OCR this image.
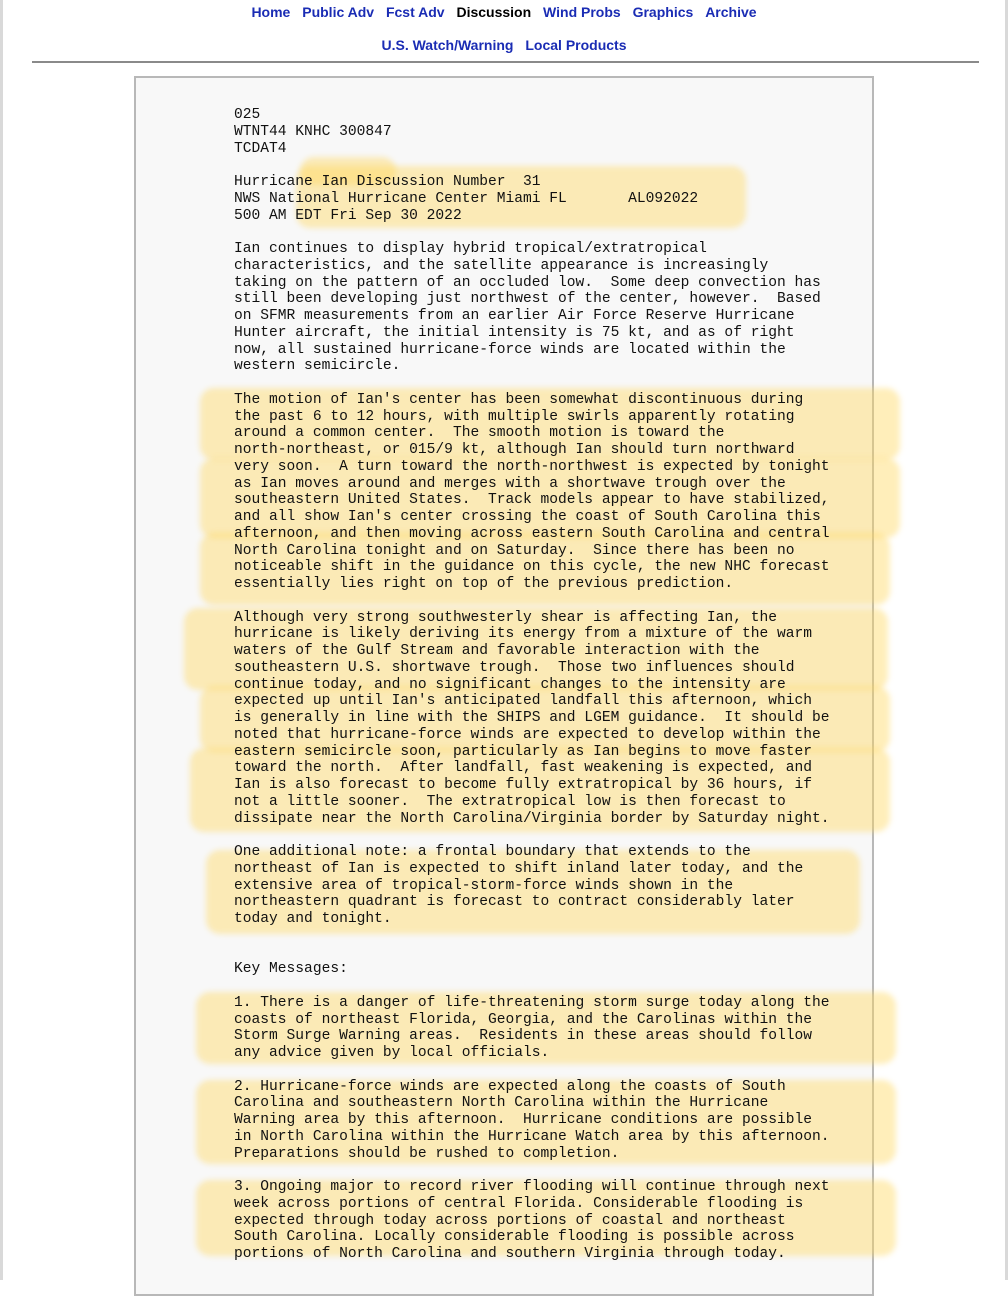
Home Public Adv Fcst Adv Discussion Wind Probs Graphics Archive
U.S. Watch/Warning Local Products
025
WTNT44 KNHC 300847
TCDAT4

Hurricane Ian Discussion Number  31
NWS National Hurricane Center Miami FL       AL092022
500 AM EDT Fri Sep 30 2022

Ian continues to display hybrid tropical/extratropical
characteristics, and the satellite appearance is increasingly
taking on the pattern of an occluded low.  Some deep convection has
still been developing just northwest of the center, however.  Based
on SFMR measurements from an earlier Air Force Reserve Hurricane
Hunter aircraft, the initial intensity is 75 kt, and as of right
now, all sustained hurricane-force winds are located within the
western semicircle.

The motion of Ian's center has been somewhat discontinuous during
the past 6 to 12 hours, with multiple swirls apparently rotating
around a common center.  The smooth motion is toward the
north-northeast, or 015/9 kt, although Ian should turn northward
very soon.  A turn toward the north-northwest is expected by tonight
as Ian moves around and merges with a shortwave trough over the
southeastern United States.  Track models appear to have stabilized,
and all show Ian's center crossing the coast of South Carolina this
afternoon, and then moving across eastern South Carolina and central
North Carolina tonight and on Saturday.  Since there has been no
noticeable shift in the guidance on this cycle, the new NHC forecast
essentially lies right on top of the previous prediction.

Although very strong southwesterly shear is affecting Ian, the
hurricane is likely deriving its energy from a mixture of the warm
waters of the Gulf Stream and favorable interaction with the
southeastern U.S. shortwave trough.  Those two influences should
continue today, and no significant changes to the intensity are
expected up until Ian's anticipated landfall this afternoon, which
is generally in line with the SHIPS and LGEM guidance.  It should be
noted that hurricane-force winds are expected to develop within the
eastern semicircle soon, particularly as Ian begins to move faster
toward the north.  After landfall, fast weakening is expected, and
Ian is also forecast to become fully extratropical by 36 hours, if
not a little sooner.  The extratropical low is then forecast to
dissipate near the North Carolina/Virginia border by Saturday night.

One additional note: a frontal boundary that extends to the
northeast of Ian is expected to shift inland later today, and the
extensive area of tropical-storm-force winds shown in the
northeastern quadrant is forecast to contract considerably later
today and tonight.

Key Messages:

1. There is a danger of life-threatening storm surge today along the
coasts of northeast Florida, Georgia, and the Carolinas within the
Storm Surge Warning areas.  Residents in these areas should follow
any advice given by local officials.

2. Hurricane-force winds are expected along the coasts of South
Carolina and southeastern North Carolina within the Hurricane
Warning area by this afternoon.  Hurricane conditions are possible
in North Carolina within the Hurricane Watch area by this afternoon.
Preparations should be rushed to completion.

3. Ongoing major to record river flooding will continue through next
week across portions of central Florida. Considerable flooding is
expected through today across portions of coastal and northeast
South Carolina. Locally considerable flooding is possible across
portions of North Carolina and southern Virginia through today.
